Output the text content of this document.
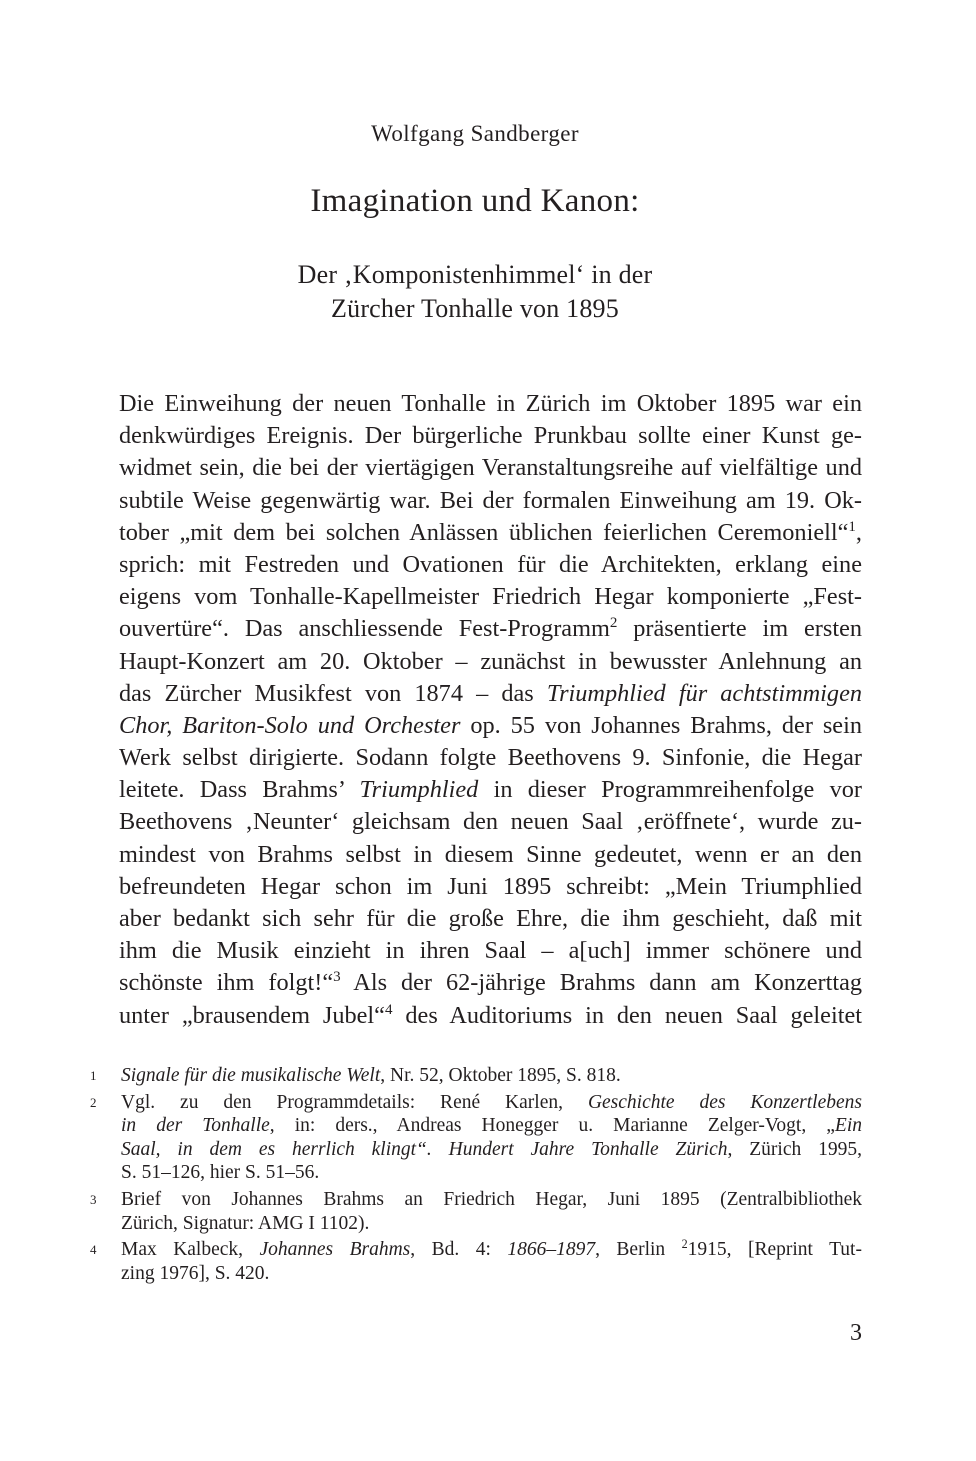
Wolfgang Sandberger
Imagination und Kanon:
Der ‚Komponistenhimmel‘ in der
Zürcher Tonhalle von 1895
Die Einweihung der neuen Tonhalle in Zürich im Oktober 1895 war ein
denkwürdiges Ereignis. Der bürgerliche Prunkbau sollte einer Kunst ge-
widmet sein, die bei der viertägigen Veranstaltungsreihe auf vielfältige und
subtile Weise gegenwärtig war. Bei der formalen Einweihung am 19. Ok-
tober „mit dem bei solchen Anlässen üblichen feierlichen Ceremoniell“$^1$,
sprich: mit Festreden und Ovationen für die Architekten, erklang eine
eigens vom Tonhalle-Kapellmeister Friedrich Hegar komponierte „Fest-
ouvertüre“. Das anschliessende Fest-Programm$^2$ präsentierte im ersten
Haupt-Konzert am 20. Oktober – zunächst in bewusster Anlehnung an
das Zürcher Musikfest von 1874 – das Triumphlied für achtstimmigen
Chor, Bariton-Solo und Orchester op. 55 von Johannes Brahms, der sein
Werk selbst dirigierte. Sodann folgte Beethovens 9. Sinfonie, die Hegar
leitete. Dass Brahms’ Triumphlied in dieser Programmreihenfolge vor
Beethovens ‚Neunter‘ gleichsam den neuen Saal ‚eröffnete‘, wurde zu-
mindest von Brahms selbst in diesem Sinne gedeutet, wenn er an den
befreundeten Hegar schon im Juni 1895 schreibt: „Mein Triumphlied
aber bedankt sich sehr für die große Ehre, die ihm geschieht, daß mit
ihm die Musik einzieht in ihren Saal – a[uch] immer schönere und
schönste ihm folgt!“$^3$ Als der 62-jährige Brahms dann am Konzerttag
unter „brausendem Jubel“$^4$ des Auditoriums in den neuen Saal geleitet
1 Signale für die musikalische Welt, Nr. 52, Oktober 1895, S. 818.
2 Vgl. zu den Programmdetails: René Karlen, Geschichte des Konzertlebens
in der Tonhalle, in: ders., Andreas Honegger u. Marianne Zelger-Vogt, „Ein
Saal, in dem es herrlich klingt“. Hundert Jahre Tonhalle Zürich, Zürich 1995,
S. 51–126, hier S. 51–56.
3 Brief von Johannes Brahms an Friedrich Hegar, Juni 1895 (Zentralbibliothek
Zürich, Signatur: AMG I 1102).
4 Max Kalbeck, Johannes Brahms, Bd. 4: 1866–1897, Berlin $^2$1915, [Reprint Tut-
zing 1976], S. 420.
3
